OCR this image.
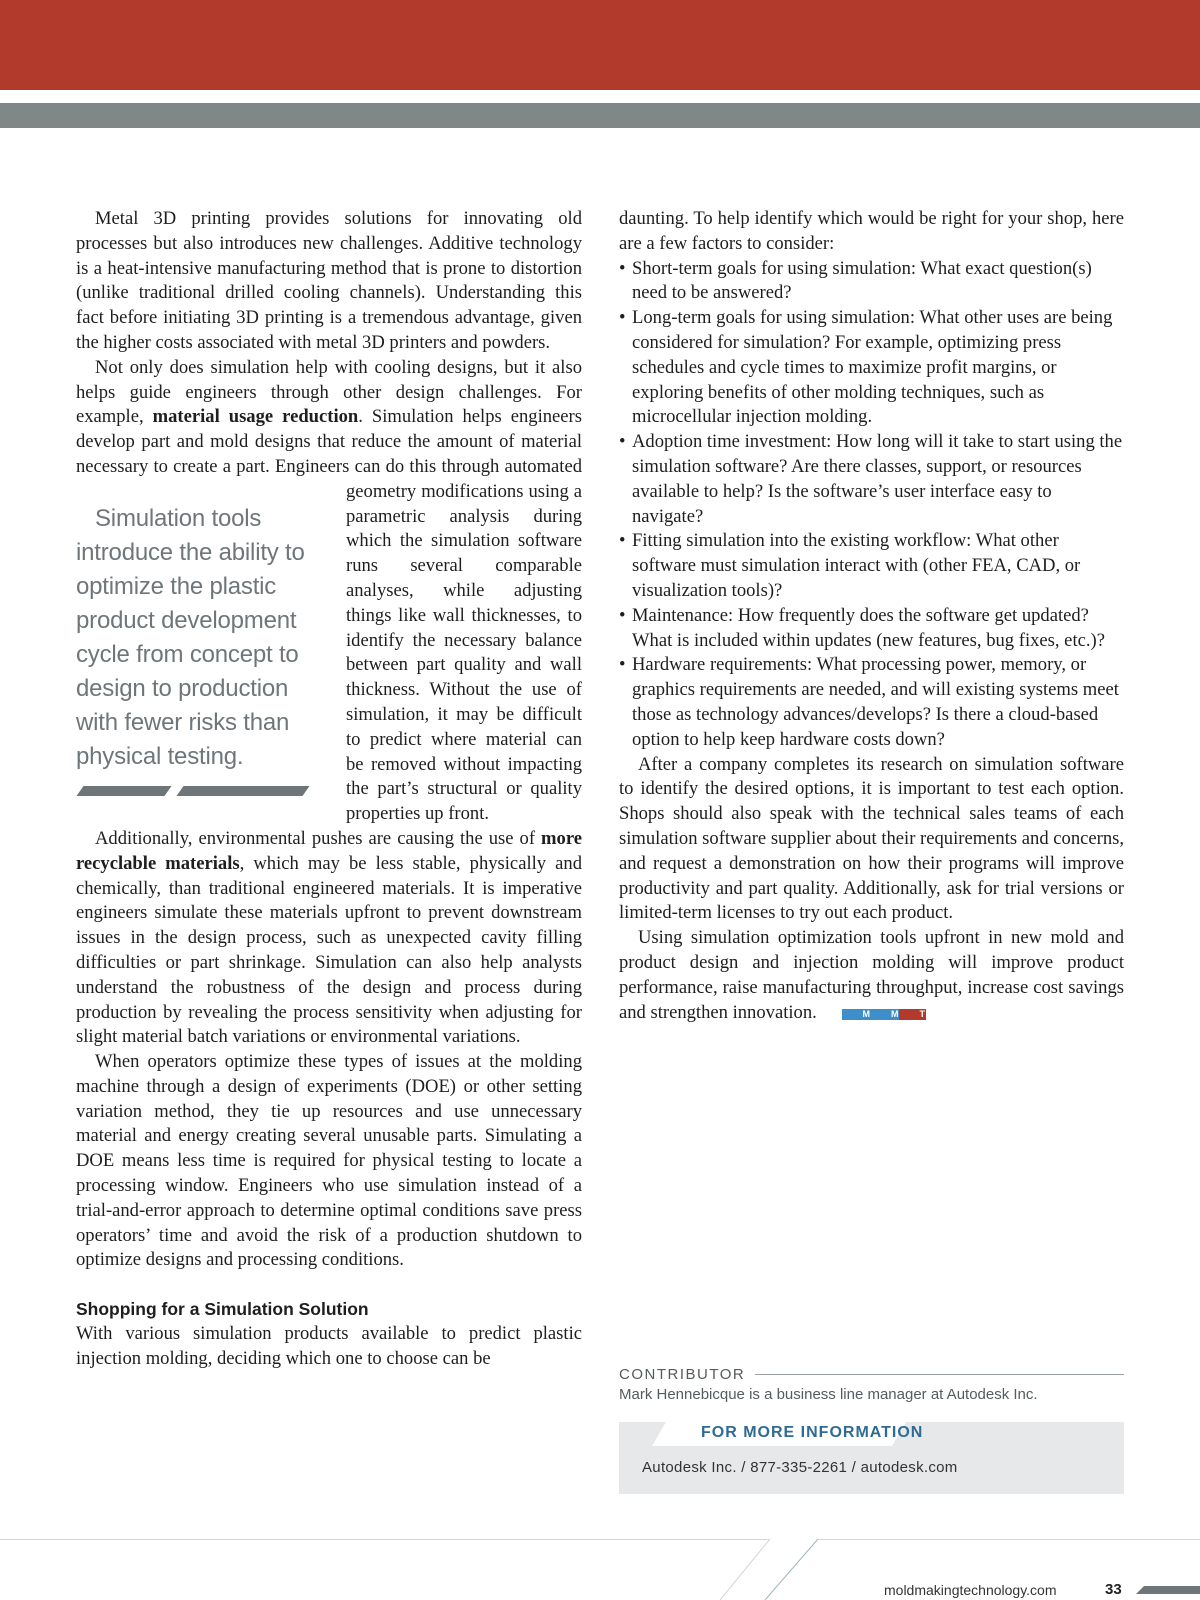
Metal 3D printing provides solutions for innovating old processes but also introduces new challenges. Additive technology is a heat-intensive manufacturing method that is prone to distortion (unlike traditional drilled cooling channels). Understanding this fact before initiating 3D printing is a tremendous advantage, given the higher costs associated with metal 3D printers and powders.

Not only does simulation help with cooling designs, but it also helps guide engineers through other design challenges. For example, material usage reduction. Simulation helps engineers develop part and mold designs that reduce the amount of material necessary to create a part. Engineers
Simulation tools introduce the ability to optimize the plastic product development cycle from concept to design to production with fewer risks than physical testing.
can do this through automated geometry modifications using a parametric analysis during which the simulation software runs several comparable analyses, while adjusting things like wall thicknesses, to identify the necessary balance between part quality and wall thickness. Without the use of simulation, it may be difficult to predict where material can be removed without impacting the part’s structural or quality properties up front.

Additionally, environmental pushes are causing the use of more recyclable materials, which may be less stable, physically and chemically, than traditional engineered materials. It is imperative engineers simulate these materials upfront to prevent downstream issues in the design process, such as unexpected cavity filling difficulties or part shrinkage. Simulation can also help analysts understand the robustness of the design and process during production by revealing the process sensitivity when adjusting for slight material batch variations or environmental variations.

When operators optimize these types of issues at the molding machine through a design of experiments (DOE) or other setting variation method, they tie up resources and use unnecessary material and energy creating several unusable parts. Simulating a DOE means less time is required for physical testing to locate a processing window. Engineers who use simulation instead of a trial-and-error approach to determine optimal conditions save press operators’ time and avoid the risk of a production shutdown to optimize designs and processing conditions.

Shopping for a Simulation Solution

With various simulation products available to predict plastic injection molding, deciding which one to choose can be

daunting. To help identify which would be right for your shop, here are a few factors to consider:

• Short-term goals for using simulation: What exact question(s) need to be answered?
• Long-term goals for using simulation: What other uses are being considered for simulation? For example, optimizing press schedules and cycle times to maximize profit margins, or exploring benefits of other molding techniques, such as microcellular injection molding.
• Adoption time investment: How long will it take to start using the simulation software? Are there classes, support, or resources available to help? Is the software’s user interface easy to navigate?
• Fitting simulation into the existing workflow: What other software must simulation interact with (other FEA, CAD, or visualization tools)?
• Maintenance: How frequently does the software get updated? What is included within updates (new features, bug fixes, etc.)?
• Hardware requirements: What processing power, memory, or graphics requirements are needed, and will existing systems meet those as technology advances/develops? Is there a cloud-based option to help keep hardware costs down?

After a company completes its research on simulation software to identify the desired options, it is important to test each option. Shops should also speak with the technical sales teams of each simulation software supplier about their requirements and concerns, and request a demonstration on how their programs will improve productivity and part quality. Additionally, ask for trial versions or limited-term licenses to try out each product.

Using simulation optimization tools upfront in new mold and product design and injection molding will improve product performance, raise manufacturing throughput, increase cost savings and strengthen innovation.	M M T

CONTRIBUTOR
Mark Hennebicque is a business line manager at Autodesk Inc.
FOR MORE INFORMATION
Autodesk Inc. / 877-335-2261 / autodesk.com
moldmakingtechnology.com	33
